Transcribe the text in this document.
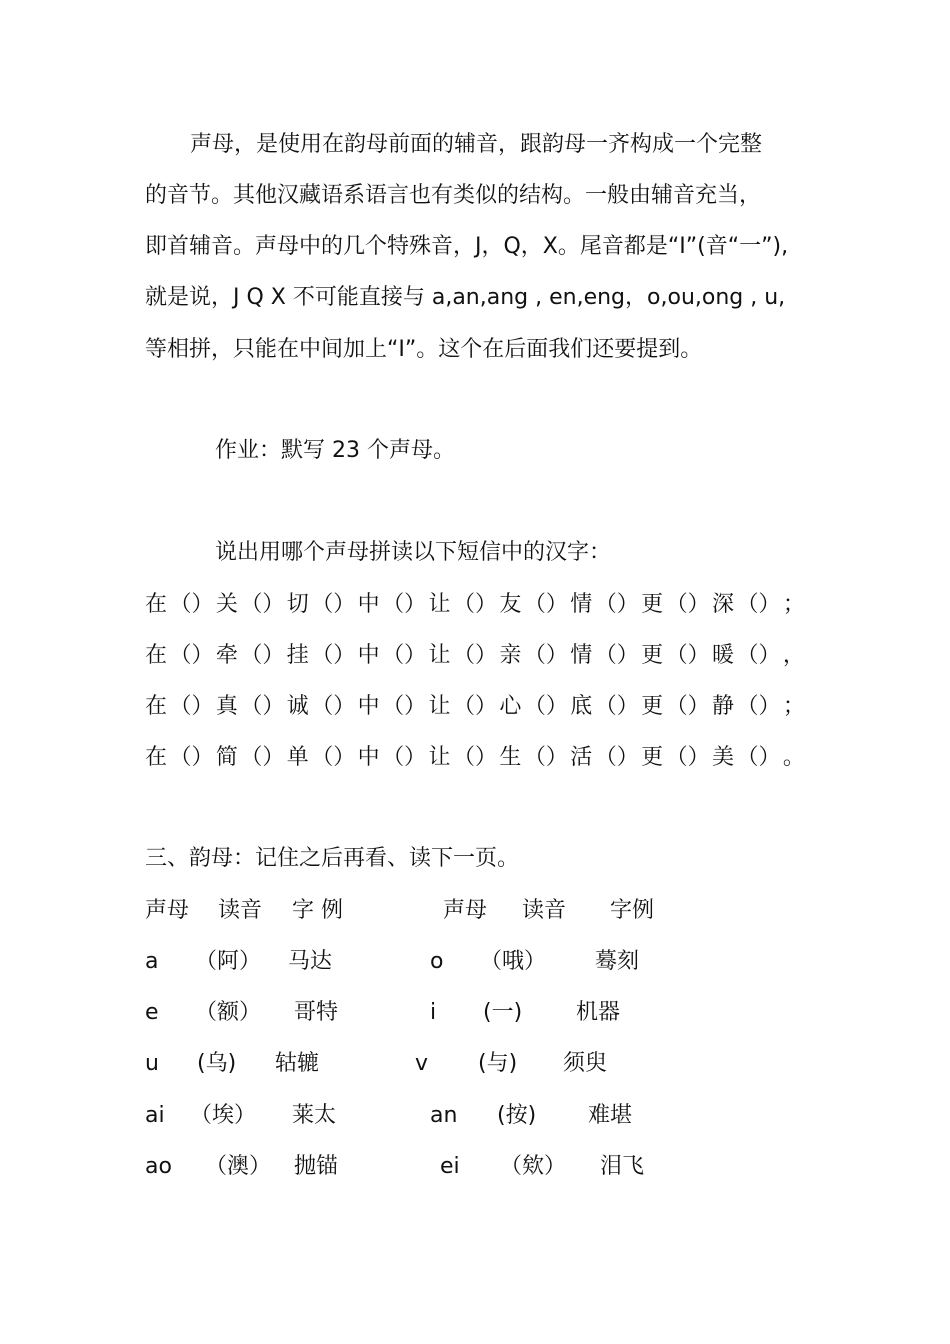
声母，是使用在韵母前面的辅音，跟韵母一齐构成一个完整
的音节。其他汉藏语系语言也有类似的结构。一般由辅音充当，
即首辅音。声母中的几个特殊音，J，Q，X。尾音都是“I”(音“一”),
就是说，J Q X 不可能直接与 a,an,ang , en,eng，o,ou,ong , u,
等相拼，只能在中间加上“I”。这个在后面我们还要提到。
作业：默写 23 个声母。
说出用哪个声母拼读以下短信中的汉字：
在 （） 关 （） 切 （） 中 （） 让 （） 友 （） 情 （） 更 （） 深 （） ；
在 （） 牵 （） 挂 （） 中 （） 让 （） 亲 （） 情 （） 更 （） 暖 （） ，
在 （） 真 （） 诚 （） 中 （） 让 （） 心 （） 底 （） 更 （） 静 （） ；
在 （） 简 （） 单 （） 中 （） 让 （） 生 （） 活 （） 更 （） 美 （） 。
三、韵母：记住之后再看、读下一页。
声母 读音 字 例	声母 读音 字例
a （阿） 马达	o （哦） 蓦刻
e （额） 哥特	i (一) 机器
u (乌) 轱辘	v (与) 须臾
ai （埃） 莱太	an (按) 难堪
ao （澳） 抛锚	ei （欸） 泪飞
